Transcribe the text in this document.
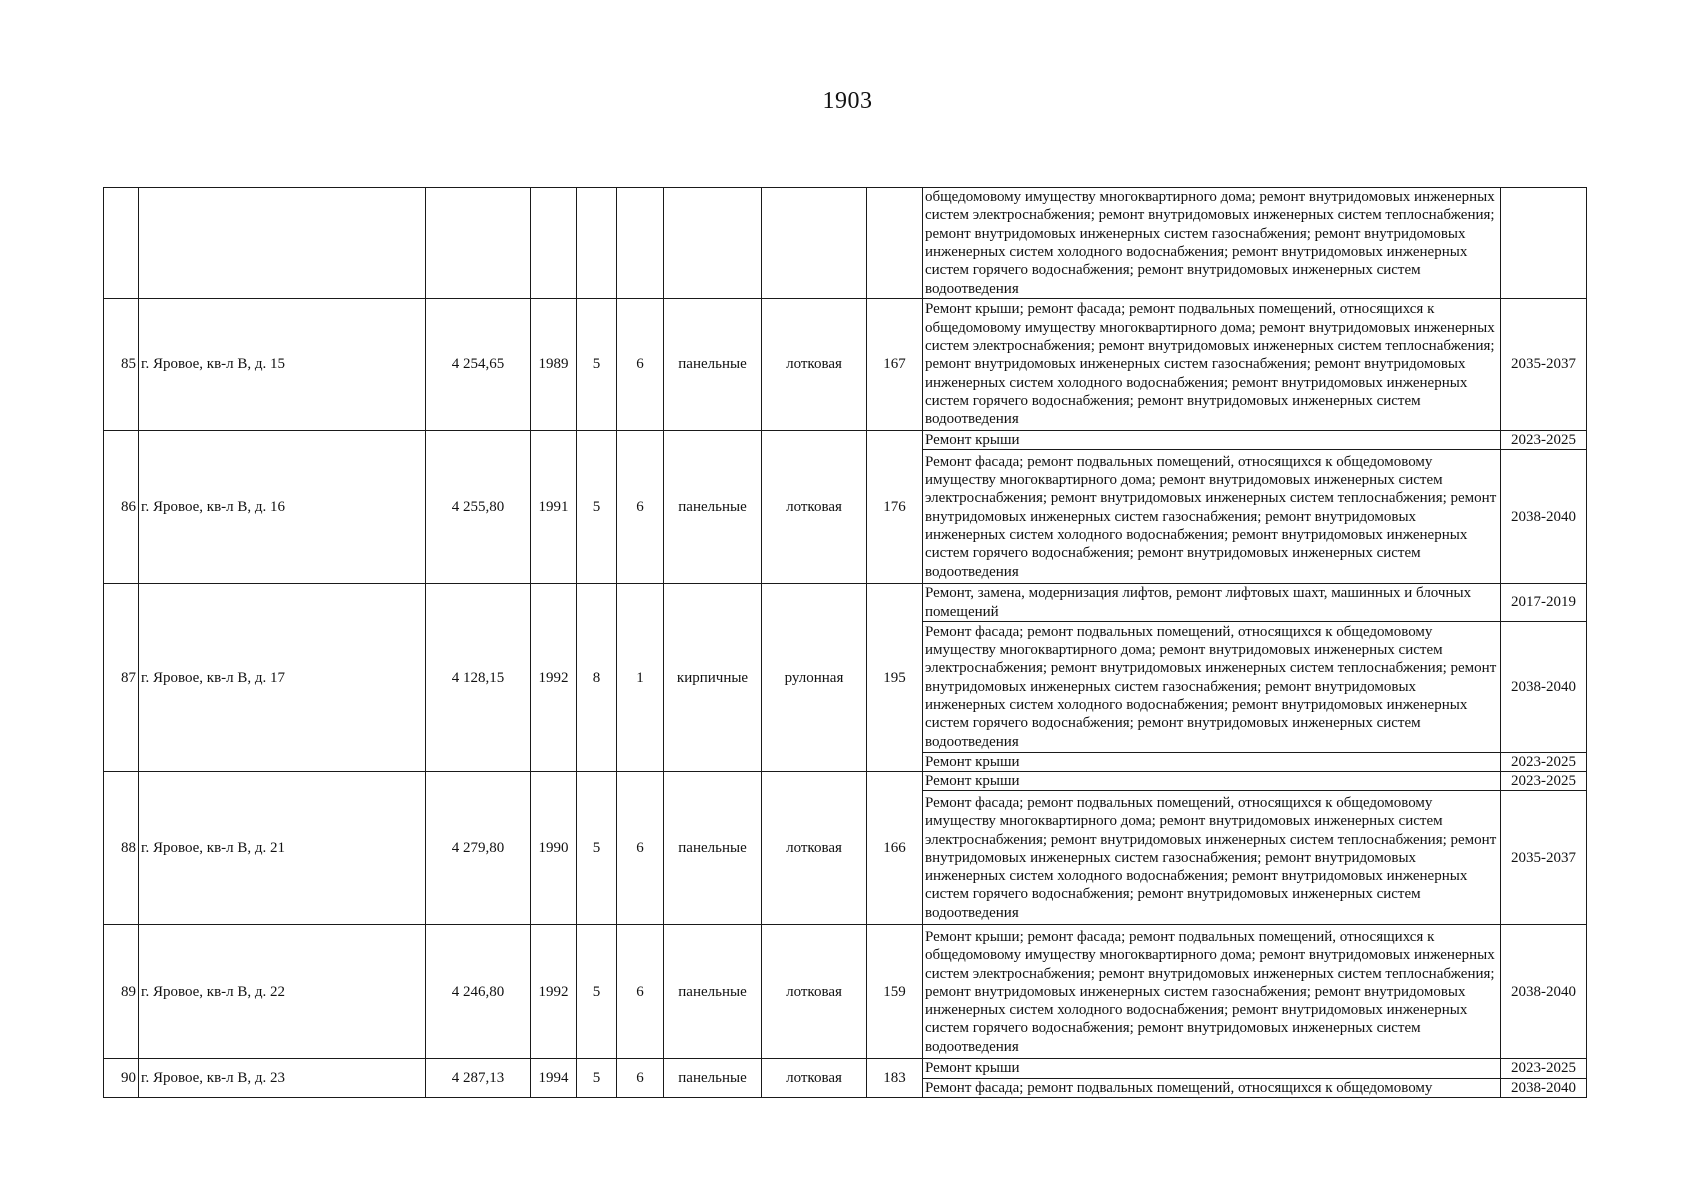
1903
									общедомовому имуществу многоквартирного дома; ремонт внутридомовых инженерных систем электроснабжения; ремонт внутридомовых инженерных систем теплоснабжения; ремонт внутридомовых инженерных систем газоснабжения; ремонт внутридомовых инженерных систем холодного водоснабжения; ремонт внутридомовых инженерных систем горячего водоснабжения; ремонт внутридомовых инженерных систем водоотведения	
85	г. Яровое, кв-л В, д. 15	4 254,65	1989	5	6	панельные	лотковая	167	Ремонт крыши; ремонт фасада; ремонт подвальных помещений, относящихся к общедомовому имуществу многоквартирного дома; ремонт внутридомовых инженерных систем электроснабжения; ремонт внутридомовых инженерных систем теплоснабжения; ремонт внутридомовых инженерных систем газоснабжения; ремонт внутридомовых инженерных систем холодного водоснабжения; ремонт внутридомовых инженерных систем горячего водоснабжения; ремонт внутридомовых инженерных систем водоотведения	2035-2037
86	г. Яровое, кв-л В, д. 16	4 255,80	1991	5	6	панельные	лотковая	176	Ремонт крыши	2023-2025
									Ремонт фасада; ремонт подвальных помещений, относящихся к общедомовому имуществу многоквартирного дома; ремонт внутридомовых инженерных систем электроснабжения; ремонт внутридомовых инженерных систем теплоснабжения; ремонт внутридомовых инженерных систем газоснабжения; ремонт внутридомовых инженерных систем холодного водоснабжения; ремонт внутридомовых инженерных систем горячего водоснабжения; ремонт внутридомовых инженерных систем водоотведения	2038-2040
87	г. Яровое, кв-л В, д. 17	4 128,15	1992	8	1	кирпичные	рулонная	195	Ремонт, замена, модернизация лифтов, ремонт лифтовых шахт, машинных и блочных помещений	2017-2019
									Ремонт фасада; ремонт подвальных помещений, относящихся к общедомовому имуществу многоквартирного дома; ремонт внутридомовых инженерных систем электроснабжения; ремонт внутридомовых инженерных систем теплоснабжения; ремонт внутридомовых инженерных систем газоснабжения; ремонт внутридомовых инженерных систем холодного водоснабжения; ремонт внутридомовых инженерных систем горячего водоснабжения; ремонт внутридомовых инженерных систем водоотведения	2038-2040
									Ремонт крыши	2023-2025
88	г. Яровое, кв-л В, д. 21	4 279,80	1990	5	6	панельные	лотковая	166	Ремонт крыши	2023-2025
									Ремонт фасада; ремонт подвальных помещений, относящихся к общедомовому имуществу многоквартирного дома; ремонт внутридомовых инженерных систем электроснабжения; ремонт внутридомовых инженерных систем теплоснабжения; ремонт внутридомовых инженерных систем газоснабжения; ремонт внутридомовых инженерных систем холодного водоснабжения; ремонт внутридомовых инженерных систем горячего водоснабжения; ремонт внутридомовых инженерных систем водоотведения	2035-2037
89	г. Яровое, кв-л В, д. 22	4 246,80	1992	5	6	панельные	лотковая	159	Ремонт крыши; ремонт фасада; ремонт подвальных помещений, относящихся к общедомовому имуществу многоквартирного дома; ремонт внутридомовых инженерных систем электроснабжения; ремонт внутридомовых инженерных систем теплоснабжения; ремонт внутридомовых инженерных систем газоснабжения; ремонт внутридомовых инженерных систем холодного водоснабжения; ремонт внутридомовых инженерных систем горячего водоснабжения; ремонт внутридомовых инженерных систем водоотведения	2038-2040
90	г. Яровое, кв-л В, д. 23	4 287,13	1994	5	6	панельные	лотковая	183	Ремонт крыши	2023-2025
									Ремонт фасада; ремонт подвальных помещений, относящихся к общедомовому	2038-2040
